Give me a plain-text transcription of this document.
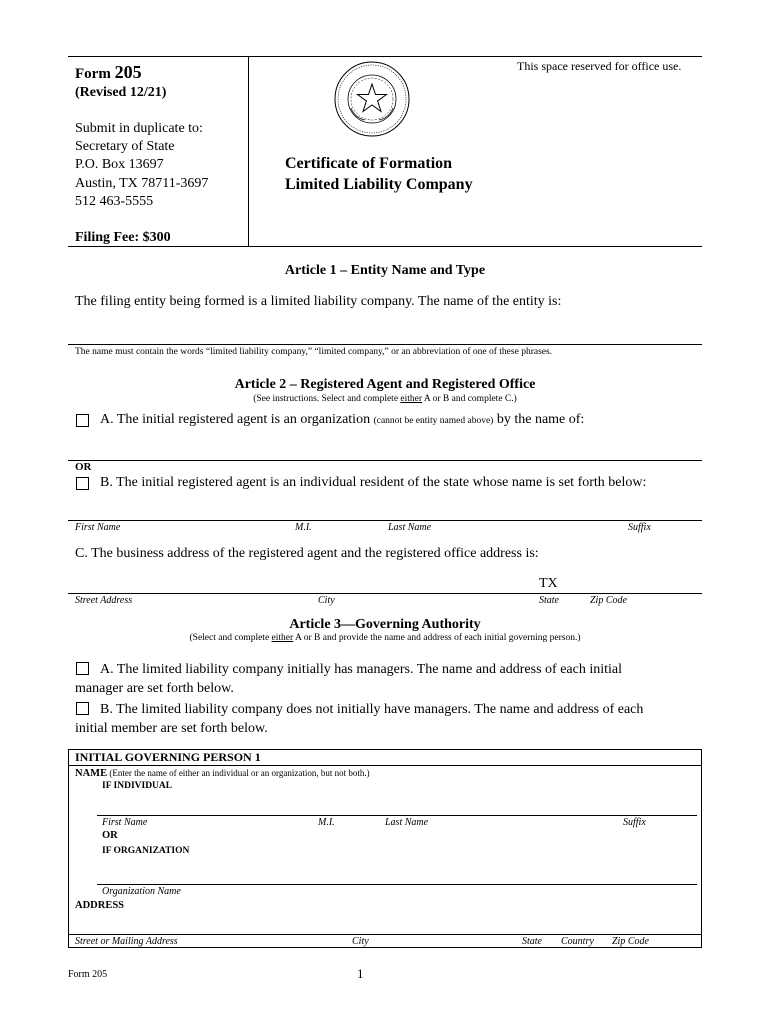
Form 205
(Revised 12/21)
Submit in duplicate to:
Secretary of State
P.O. Box 13697
Austin, TX 78711-3697
512 463-5555
Filing Fee: $300
This space reserved for office use.
Certificate of Formation
Limited Liability Company
Article 1 – Entity Name and Type
The filing entity being formed is a limited liability company. The name of the entity is:
The name must contain the words “limited liability company,” “limited company,” or an abbreviation of one of these phrases.
Article 2 – Registered Agent and Registered Office
(See instructions. Select and complete either A or B and complete C.)
A. The initial registered agent is an organization (cannot be entity named above) by the name of:
OR
B. The initial registered agent is an individual resident of the state whose name is set forth below:
First Name	M.I.	Last Name	Suffix
C. The business address of the registered agent and the registered office address is:
TX
Street Address	City	State	Zip Code
Article 3—Governing Authority
(Select and complete either A or B and provide the name and address of each initial governing person.)
A. The limited liability company initially has managers. The name and address of each initial
manager are set forth below.
B. The limited liability company does not initially have managers. The name and address of each
initial member are set forth below.
INITIAL GOVERNING PERSON 1
NAME (Enter the name of either an individual or an organization, but not both.)
IF INDIVIDUAL
First Name	M.I.	Last Name	Suffix
OR
IF ORGANIZATION
Organization Name
ADDRESS
Street or Mailing Address	City	State Country Zip Code
Form 205	1
